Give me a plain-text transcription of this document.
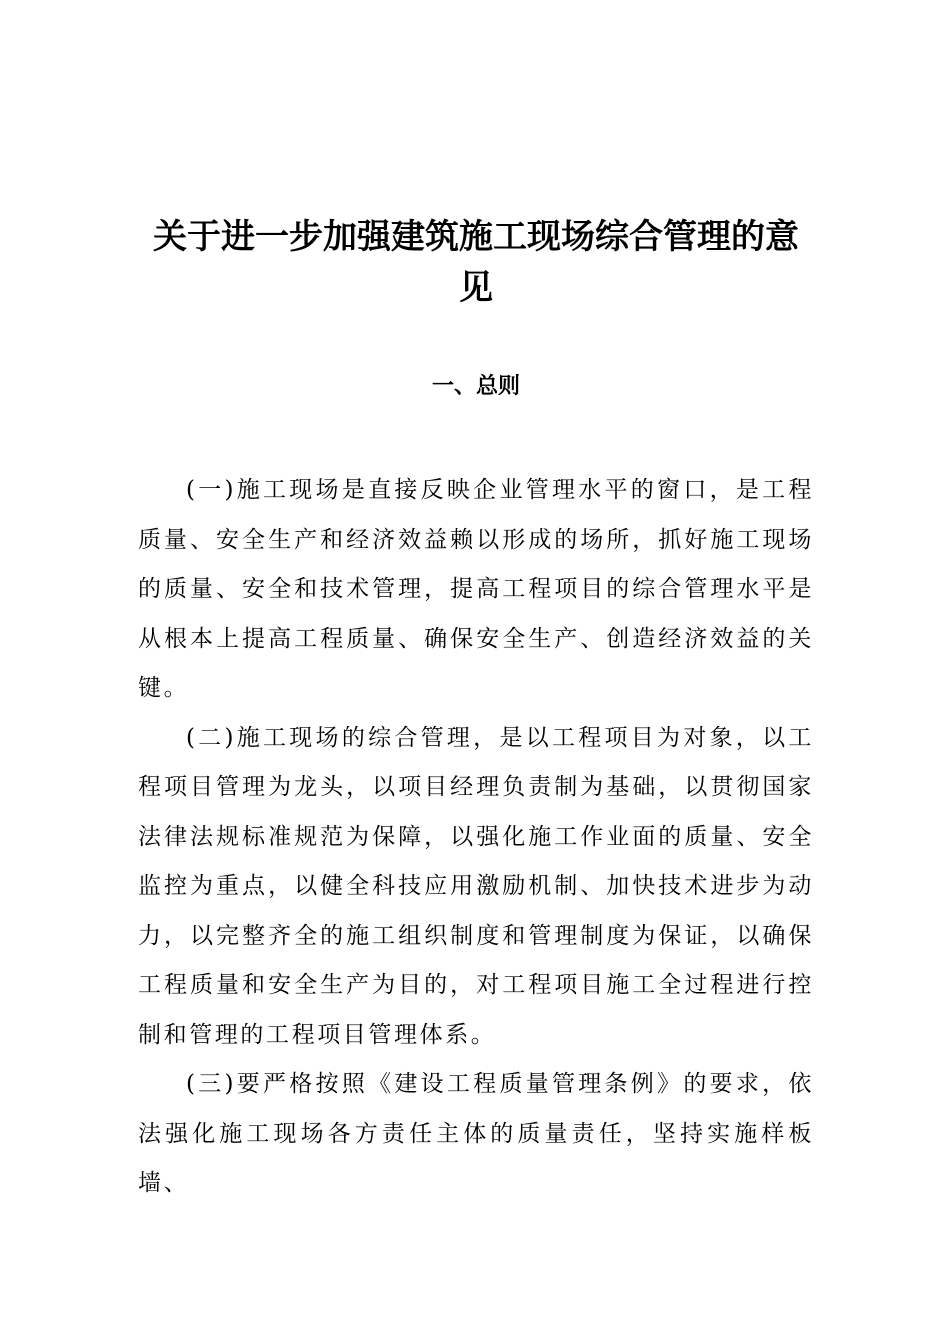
关于进一步加强建筑施工现场综合管理的意见
一、总则

(一)施工现场是直接反映企业管理水平的窗口，是工程质量、安全生产和经济效益赖以形成的场所，抓好施工现场的质量、安全和技术管理，提高工程项目的综合管理水平是从根本上提高工程质量、确保安全生产、创造经济效益的关键。

(二)施工现场的综合管理，是以工程项目为对象，以工程项目管理为龙头，以项目经理负责制为基础，以贯彻国家法律法规标准规范为保障，以强化施工作业面的质量、安全监控为重点，以健全科技应用激励机制、加快技术进步为动力，以完整齐全的施工组织制度和管理制度为保证，以确保工程质量和安全生产为目的，对工程项目施工全过程进行控制和管理的工程项目管理体系。

(三)要严格按照《建设工程质量管理条例》的要求，依法强化施工现场各方责任主体的质量责任，坚持实施样板墙、
